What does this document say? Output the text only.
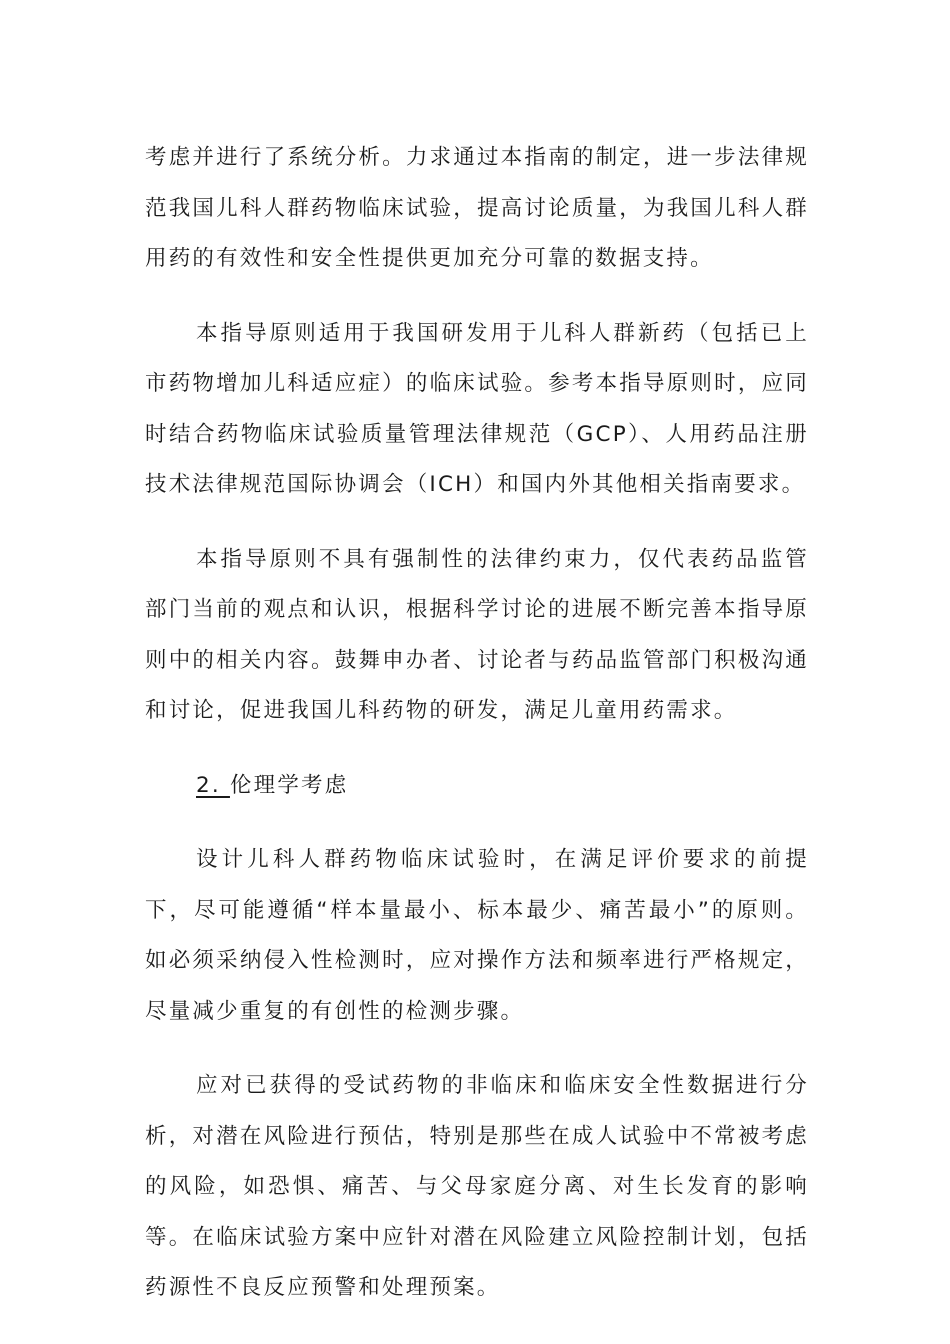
考虑并进行了系统分析。力求通过本指南的制定，进一步法律规范我国儿科人群药物临床试验，提高讨论质量，为我国儿科人群用药的有效性和安全性提供更加充分可靠的数据支持。

本指导原则适用于我国研发用于儿科人群新药（包括已上市药物增加儿科适应症）的临床试验。参考本指导原则时，应同时结合药物临床试验质量管理法律规范（GCP）、人用药品注册技术法律规范国际协调会（ICH）和国内外其他相关指南要求。

本指导原则不具有强制性的法律约束力，仅代表药品监管部门当前的观点和认识，根据科学讨论的进展不断完善本指导原则中的相关内容。鼓舞申办者、讨论者与药品监管部门积极沟通和讨论，促进我国儿科药物的研发，满足儿童用药需求。

2. 伦理学考虑

设计儿科人群药物临床试验时，在满足评价要求的前提下，尽可能遵循“样本量最小、标本最少、痛苦最小”的原则。如必须采纳侵入性检测时，应对操作方法和频率进行严格规定，尽量减少重复的有创性的检测步骤。

应对已获得的受试药物的非临床和临床安全性数据进行分析，对潜在风险进行预估，特别是那些在成人试验中不常被考虑的风险，如恐惧、痛苦、与父母家庭分离、对生长发育的影响等。在临床试验方案中应针对潜在风险建立风险控制计划，包括药源性不良反应预警和处理预案。
